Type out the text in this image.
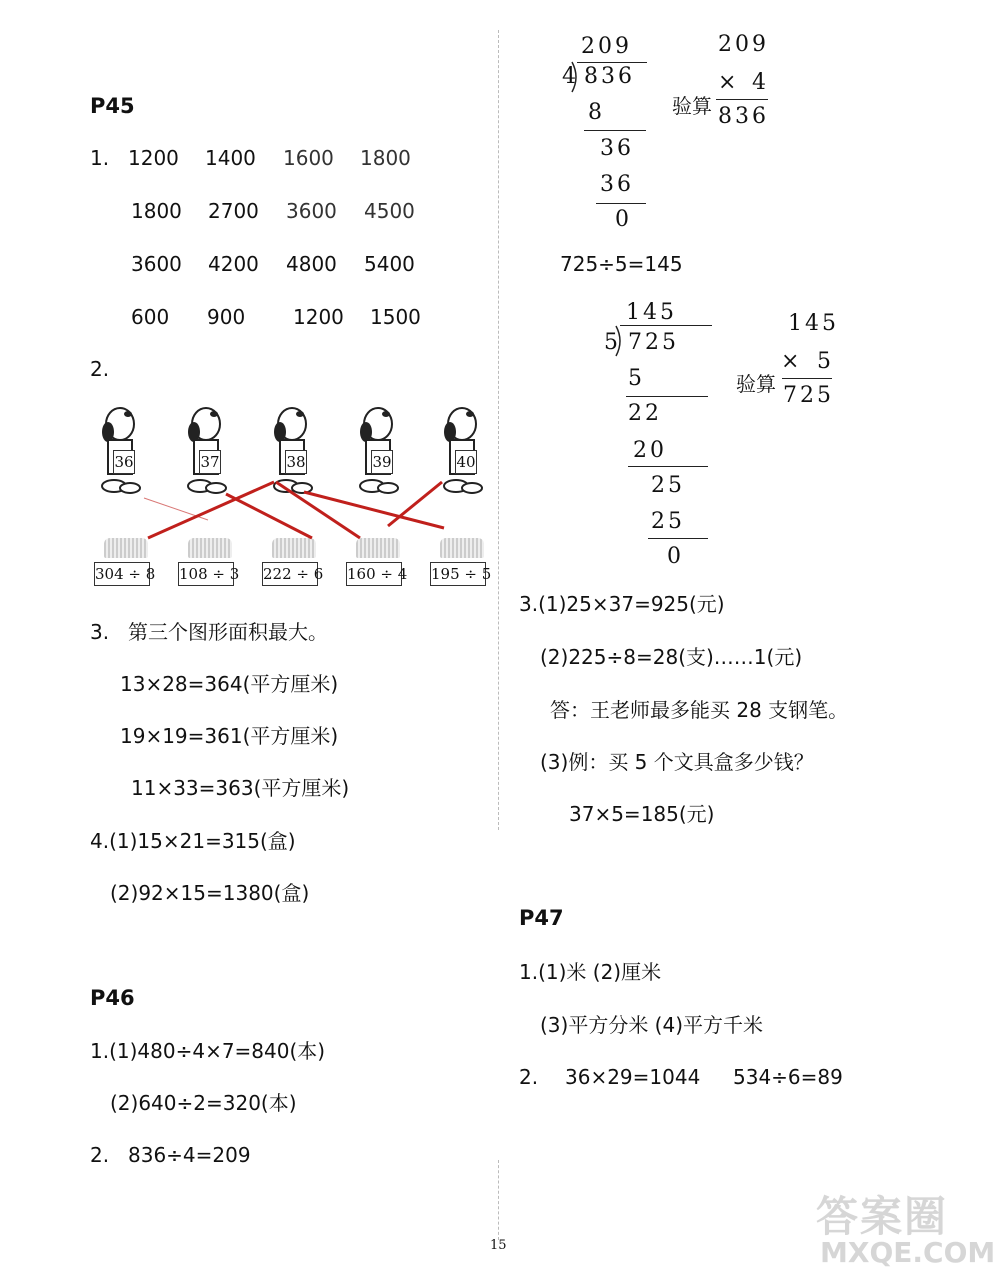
P45
1. 1200 1400 1600 1800
1800 2700 3600 4500
3600 4200 4800 5400
600 900 1200 1500
2.
36	37	38	39	40
304 ÷ 8 108 ÷ 3 222 ÷ 6 160 ÷ 4 195 ÷ 5
3. 第三个图形面积最大。
13×28=364(平方厘米)
19×19=361(平方厘米)
11×33=363(平方厘米)
4.(1)15×21=315(盒)
(2)92×15=1380(盒)
P46
1.(1)480÷4×7=840(本)
(2)640÷2=320(本)
2. 836÷4=209
209
4 836
8
36
36
0
验算
209
× 4
836
725÷5=145
145
5 725
5
22
20
25
25
0
验算
145
× 5
725
3.(1)25×37=925(元)
(2)225÷8=28(支)……1(元)
答：王老师最多能买 28 支钢笔。
(3)例：买 5 个文具盒多少钱？
37×5=185(元)
P47
1.(1)米 (2)厘米
(3)平方分米 (4)平方千米
2. 36×29=1044 534÷6=89
15
答案圈
MXQE.COM
